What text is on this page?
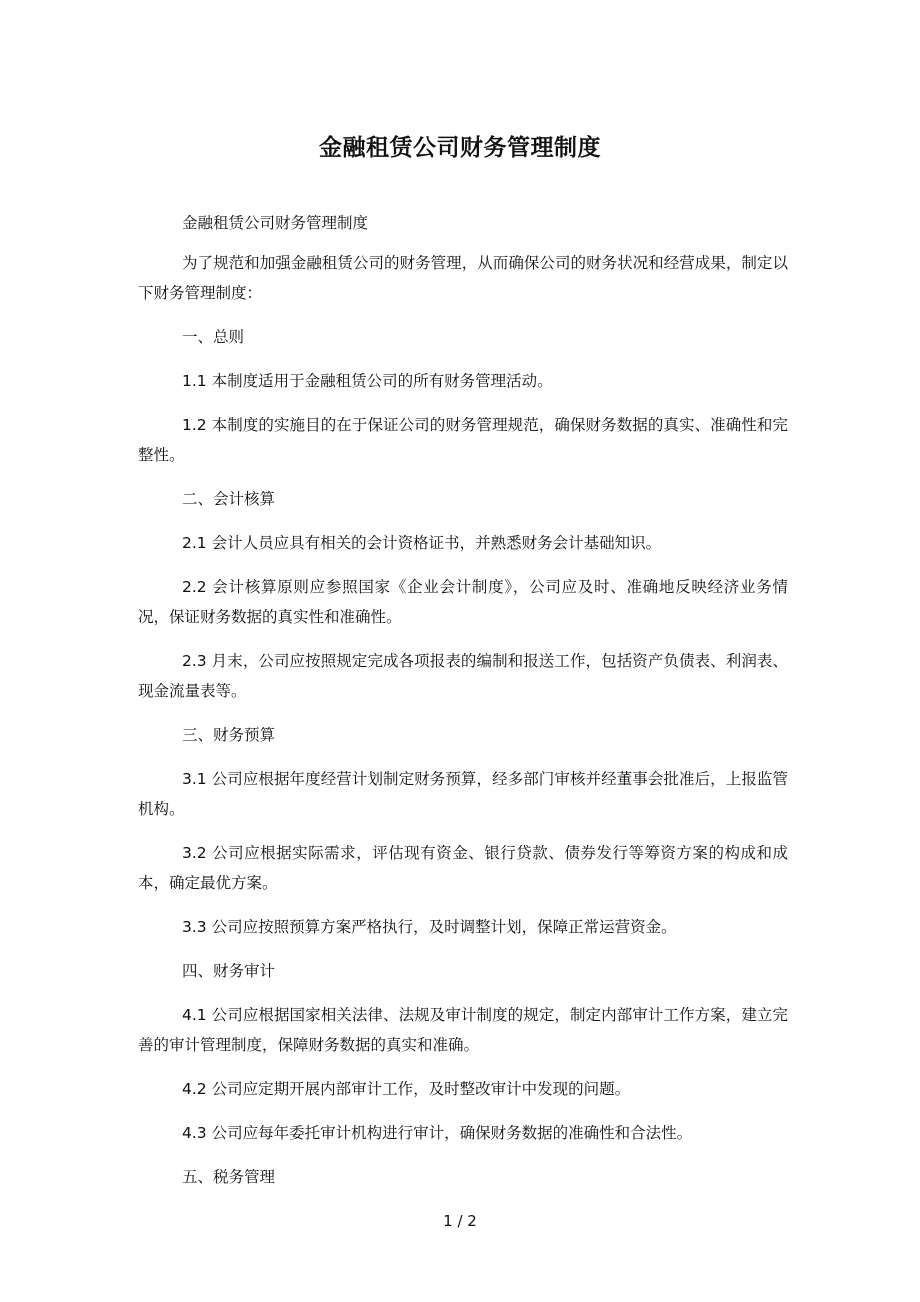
金融租赁公司财务管理制度

金融租赁公司财务管理制度

为了规范和加强金融租赁公司的财务管理，从而确保公司的财务状况和经营成果，制定以下财务管理制度：

一、总则

1.1 本制度适用于金融租赁公司的所有财务管理活动。

1.2 本制度的实施目的在于保证公司的财务管理规范，确保财务数据的真实、准确性和完整性。

二、会计核算

2.1 会计人员应具有相关的会计资格证书，并熟悉财务会计基础知识。

2.2 会计核算原则应参照国家《企业会计制度》，公司应及时、准确地反映经济业务情况，保证财务数据的真实性和准确性。

2.3 月末，公司应按照规定完成各项报表的编制和报送工作，包括资产负债表、利润表、现金流量表等。

三、财务预算

3.1 公司应根据年度经营计划制定财务预算，经多部门审核并经董事会批准后，上报监管机构。

3.2 公司应根据实际需求，评估现有资金、银行贷款、债券发行等筹资方案的构成和成本，确定最优方案。

3.3 公司应按照预算方案严格执行，及时调整计划，保障正常运营资金。

四、财务审计

4.1 公司应根据国家相关法律、法规及审计制度的规定，制定内部审计工作方案，建立完善的审计管理制度，保障财务数据的真实和准确。

4.2 公司应定期开展内部审计工作，及时整改审计中发现的问题。

4.3 公司应每年委托审计机构进行审计，确保财务数据的准确性和合法性。

五、税务管理

1 / 2
